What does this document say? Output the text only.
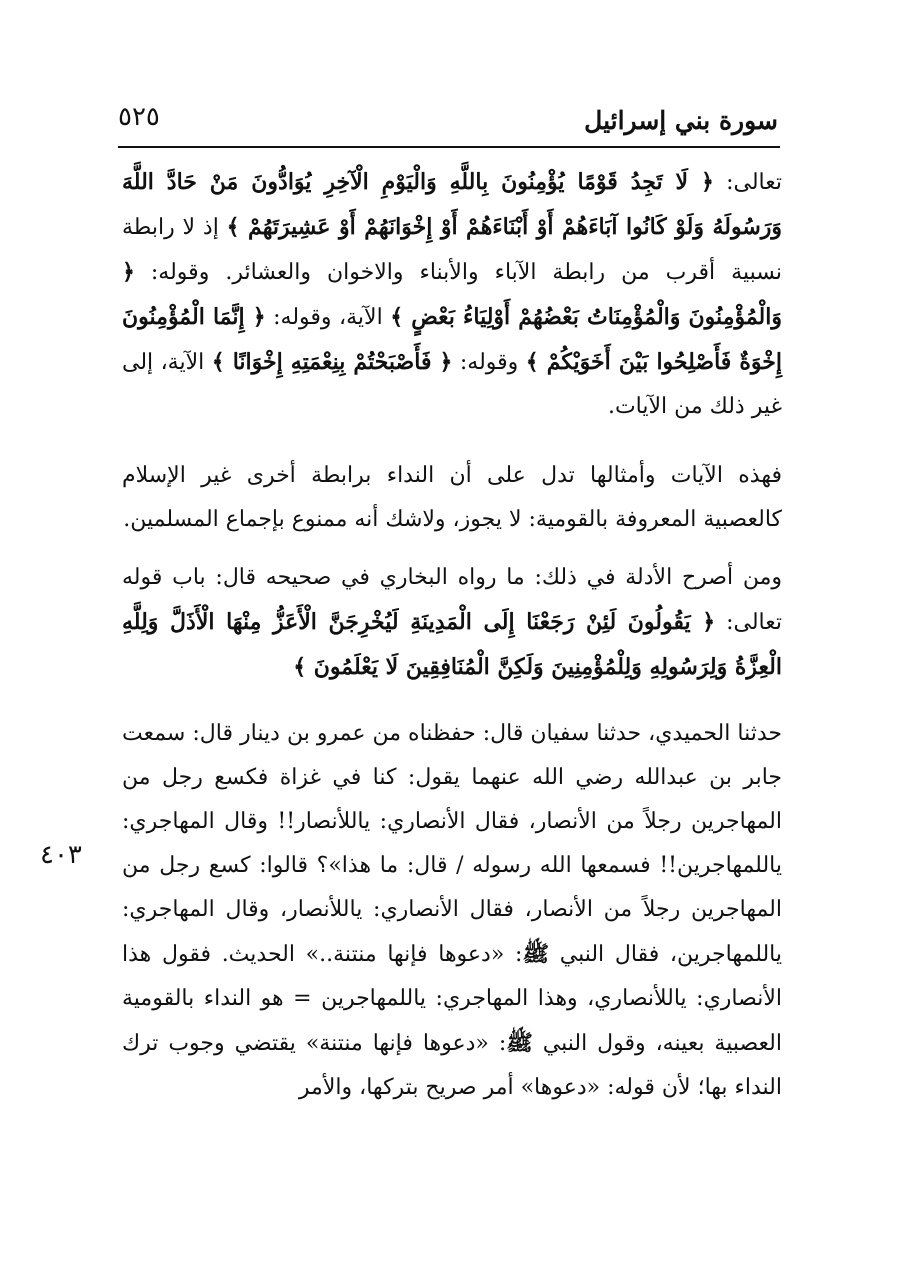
سورة بني إسرائيل
٥٢٥
٤٠٣

تعالى: ﴿ لَا تَجِدُ قَوْمًا يُؤْمِنُونَ بِاللَّهِ وَالْيَوْمِ الْآخِرِ يُوَادُّونَ مَنْ حَادَّ اللَّهَ وَرَسُولَهُ وَلَوْ كَانُوا آبَاءَهُمْ أَوْ أَبْنَاءَهُمْ أَوْ إِخْوَانَهُمْ أَوْ عَشِيرَتَهُمْ ﴾ إذ لا رابطة نسبية أقرب من رابطة الآباء والأبناء والاخوان والعشائر. وقوله: ﴿ وَالْمُؤْمِنُونَ وَالْمُؤْمِنَاتُ بَعْضُهُمْ أَوْلِيَاءُ بَعْضٍ ﴾ الآية، وقوله: ﴿ إِنَّمَا الْمُؤْمِنُونَ إِخْوَةٌ فَأَصْلِحُوا بَيْنَ أَخَوَيْكُمْ ﴾ وقوله: ﴿ فَأَصْبَحْتُمْ بِنِعْمَتِهِ إِخْوَانًا ﴾ الآية، إلى غير ذلك من الآيات.

فهذه الآيات وأمثالها تدل على أن النداء برابطة أخرى غير الإسلام كالعصبية المعروفة بالقومية: لا يجوز، ولاشك أنه ممنوع بإجماع المسلمين.

ومن أصرح الأدلة في ذلك: ما رواه البخاري في صحيحه قال: باب قوله تعالى: ﴿ يَقُولُونَ لَئِنْ رَجَعْنَا إِلَى الْمَدِينَةِ لَيُخْرِجَنَّ الْأَعَزُّ مِنْهَا الْأَذَلَّ وَلِلَّهِ الْعِزَّةُ وَلِرَسُولِهِ وَلِلْمُؤْمِنِينَ وَلَكِنَّ الْمُنَافِقِينَ لَا يَعْلَمُونَ ﴾

حدثنا الحميدي، حدثنا سفيان قال: حفظناه من عمرو بن دينار قال: سمعت جابر بن عبدالله رضي الله عنهما يقول: كنا في غزاة فكسع رجل من المهاجرين رجلاً من الأنصار، فقال الأنصاري: ياللأنصار!! وقال المهاجري: ياللمهاجرين!! فسمعها الله رسوله / قال: ما هذا»؟ قالوا: كسع رجل من المهاجرين رجلاً من الأنصار، فقال الأنصاري: ياللأنصار، وقال المهاجري: ياللمهاجرين، فقال النبي ﷺ: «دعوها فإنها منتنة..» الحديث. فقول هذا الأنصاري: ياللأنصاري، وهذا المهاجري: ياللمهاجرين = هو النداء بالقومية العصبية بعينه، وقول النبي ﷺ: «دعوها فإنها منتنة» يقتضي وجوب ترك النداء بها؛ لأن قوله: «دعوها» أمر صريح بتركها، والأمر
